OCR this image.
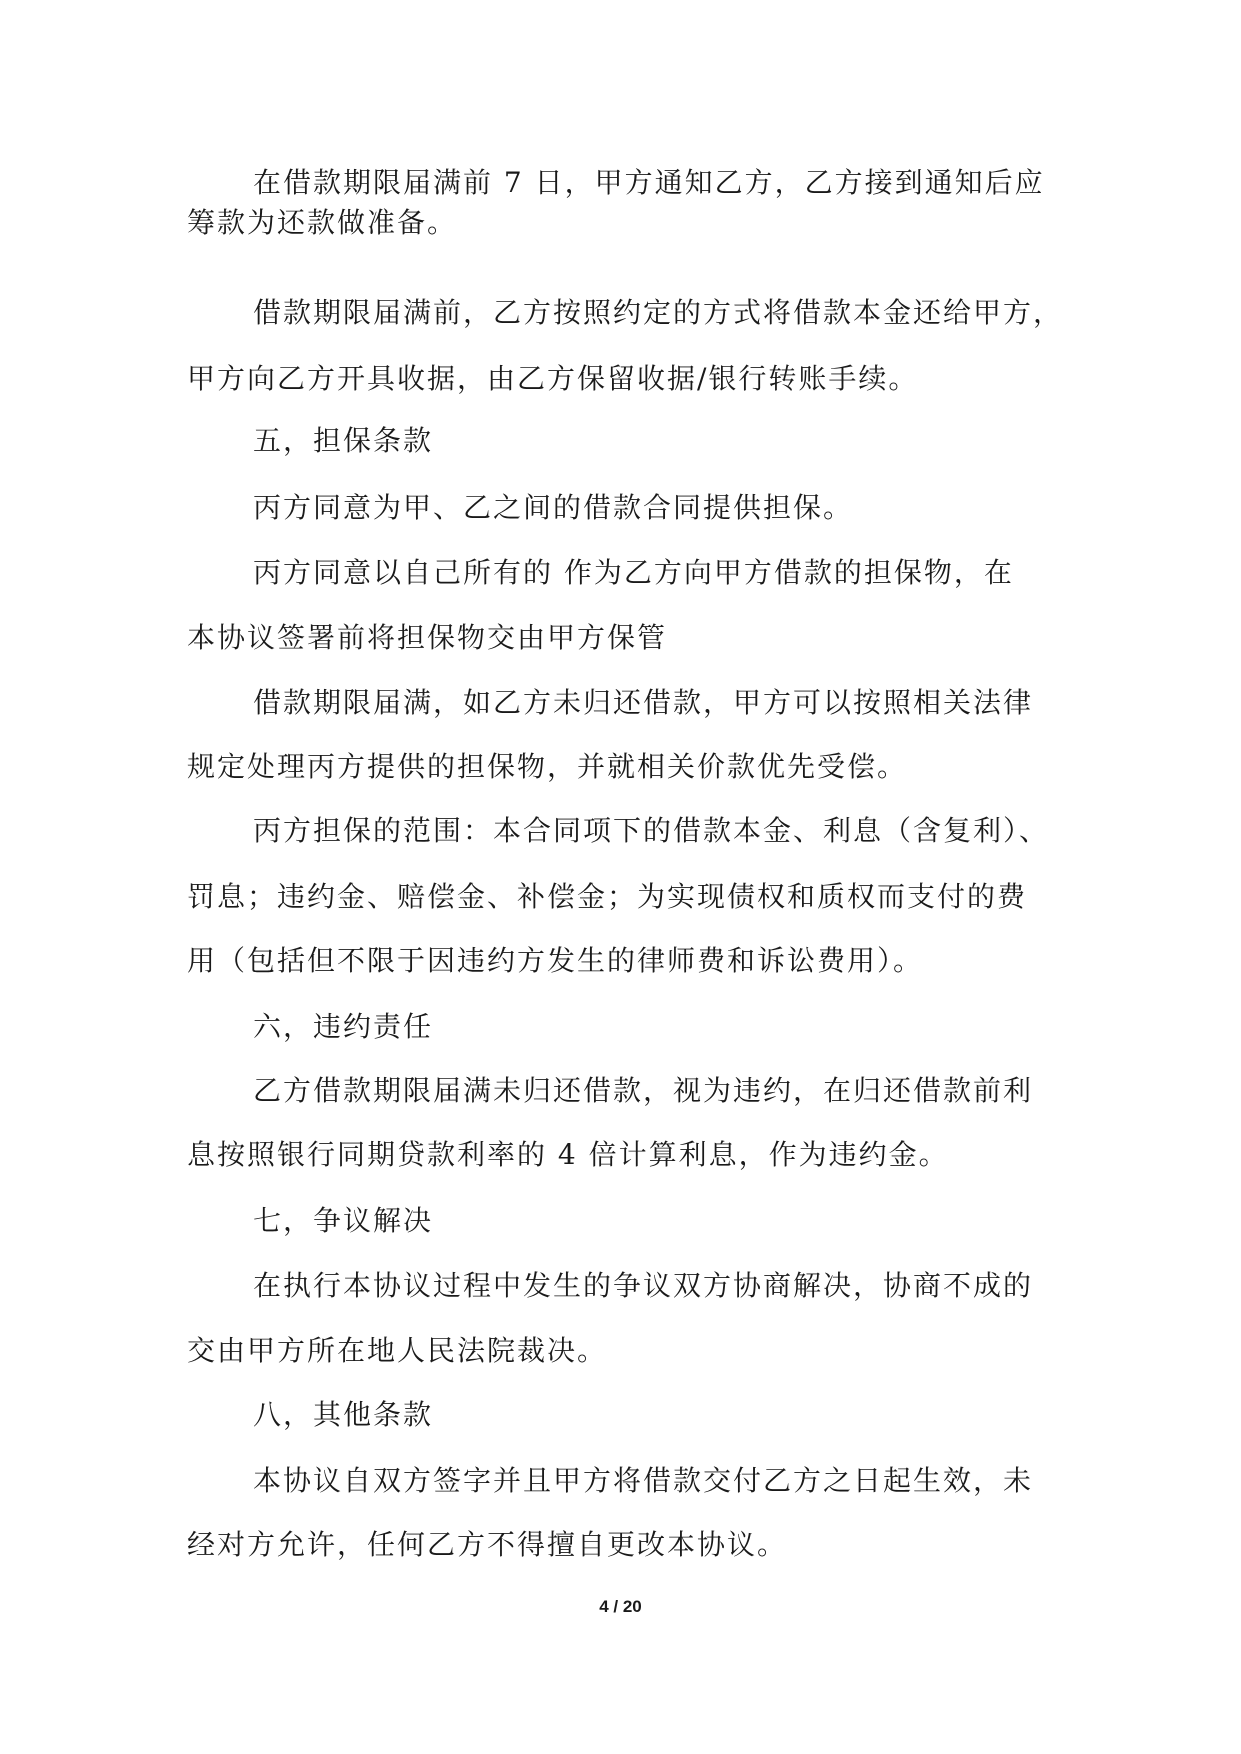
在借款期限届满前 7 日，甲方通知乙方，乙方接到通知后应
筹款为还款做准备。
借款期限届满前，乙方按照约定的方式将借款本金还给甲方，
甲方向乙方开具收据，由乙方保留收据/银行转账手续。
五，担保条款
丙方同意为甲、乙之间的借款合同提供担保。
丙方同意以自己所有的 作为乙方向甲方借款的担保物，在
本协议签署前将担保物交由甲方保管
借款期限届满，如乙方未归还借款，甲方可以按照相关法律
规定处理丙方提供的担保物，并就相关价款优先受偿。
丙方担保的范围：本合同项下的借款本金、利息（含复利）、
罚息；违约金、赔偿金、补偿金；为实现债权和质权而支付的费
用（包括但不限于因违约方发生的律师费和诉讼费用）。
六，违约责任
乙方借款期限届满未归还借款，视为违约，在归还借款前利
息按照银行同期贷款利率的 4 倍计算利息，作为违约金。
七，争议解决
在执行本协议过程中发生的争议双方协商解决，协商不成的
交由甲方所在地人民法院裁决。
八，其他条款
本协议自双方签字并且甲方将借款交付乙方之日起生效，未
经对方允许，任何乙方不得擅自更改本协议。
4 / 20
